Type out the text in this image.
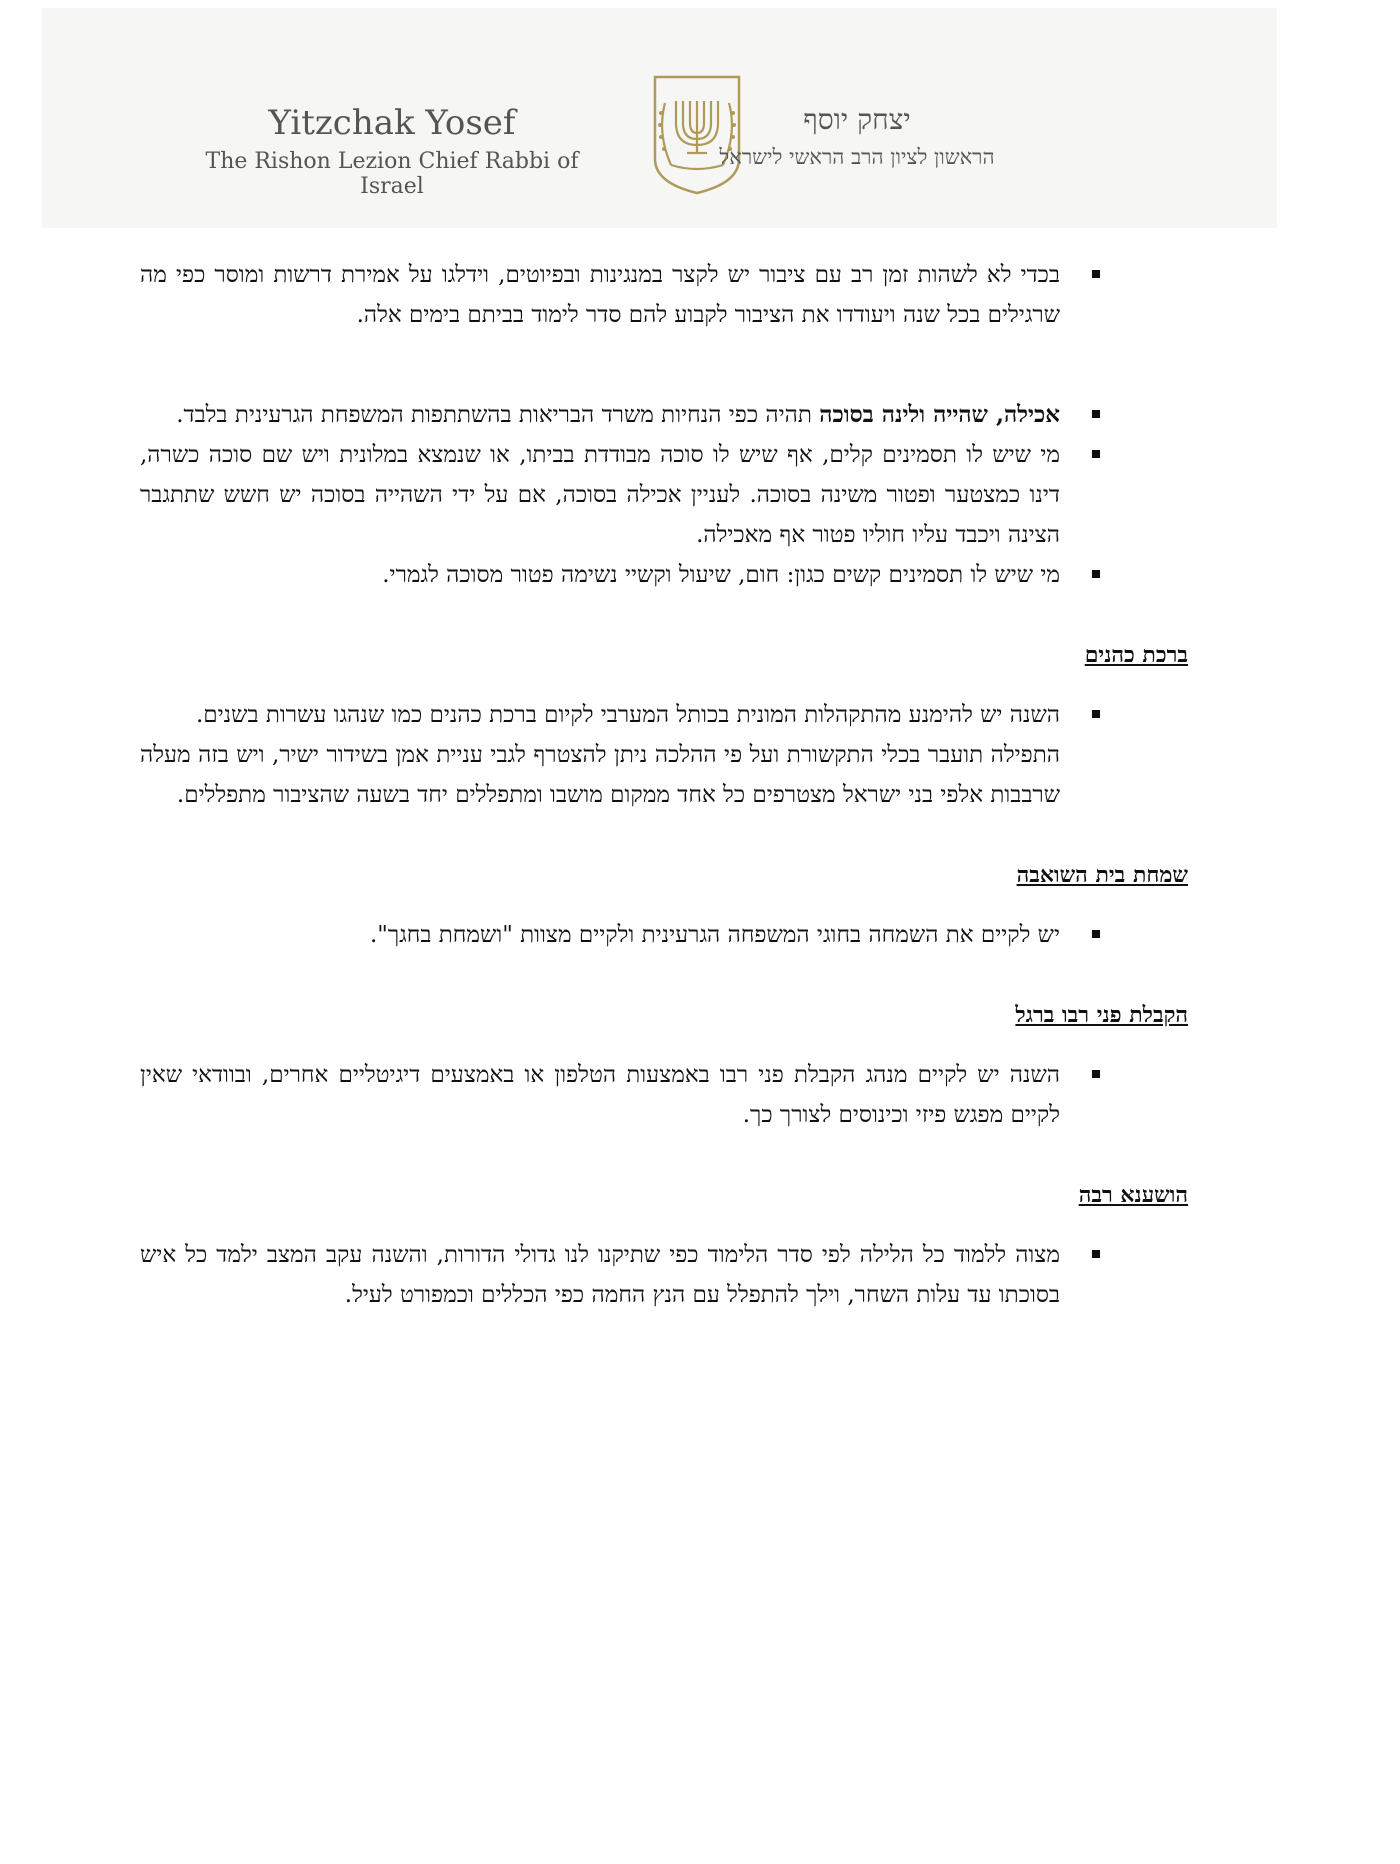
Yitzchak Yosef
The Rishon Lezion Chief Rabbi of Israel
יצחק יוסף
הראשון לציון הרב הראשי לישראל
בכדי לא לשהות זמן רב עם ציבור יש לקצר במנגינות ובפיוטים, וידלגו על אמירת דרשות ומוסר כפי מה שרגילים בכל שנה ויעודדו את הציבור לקבוע להם סדר לימוד בביתם בימים אלה.
אכילה, שהייה ולינה בסוכה תהיה כפי הנחיות משרד הבריאות בהשתתפות המשפחת הגרעינית בלבד.
מי שיש לו תסמינים קלים, אף שיש לו סוכה מבודדת בביתו, או שנמצא במלונית ויש שם סוכה כשרה, דינו כמצטער ופטור משינה בסוכה. לעניין אכילה בסוכה, אם על ידי השהייה בסוכה יש חשש שתתגבר הצינה ויכבד עליו חוליו פטור אף מאכילה.
מי שיש לו תסמינים קשים כגון: חום, שיעול וקשיי נשימה פטור מסוכה לגמרי.
ברכת כהנים
השנה יש להימנע מהתקהלות המונית בכותל המערבי לקיום ברכת כהנים כמו שנהגו עשרות בשנים.
התפילה תועבר בכלי התקשורת ועל פי ההלכה ניתן להצטרף לגבי עניית אמן בשידור ישיר, ויש בזה מעלה שרבבות אלפי בני ישראל מצטרפים כל אחד ממקום מושבו ומתפללים יחד בשעה שהציבור מתפללים.
שמחת בית השואבה
יש לקיים את השמחה בחוגי המשפחה הגרעינית ולקיים מצוות "ושמחת בחגך".
הקבלת פני רבו ברגל
השנה יש לקיים מנהג הקבלת פני רבו באמצעות הטלפון או באמצעים דיגיטליים אחרים, ובוודאי שאין לקיים מפגש פיזי וכינוסים לצורך כך.
הושענא רבה
מצוה ללמוד כל הלילה לפי סדר הלימוד כפי שתיקנו לנו גדולי הדורות, והשנה עקב המצב ילמד כל איש בסוכתו עד עלות השחר, וילך להתפלל עם הנץ החמה כפי הכללים וכמפורט לעיל.
